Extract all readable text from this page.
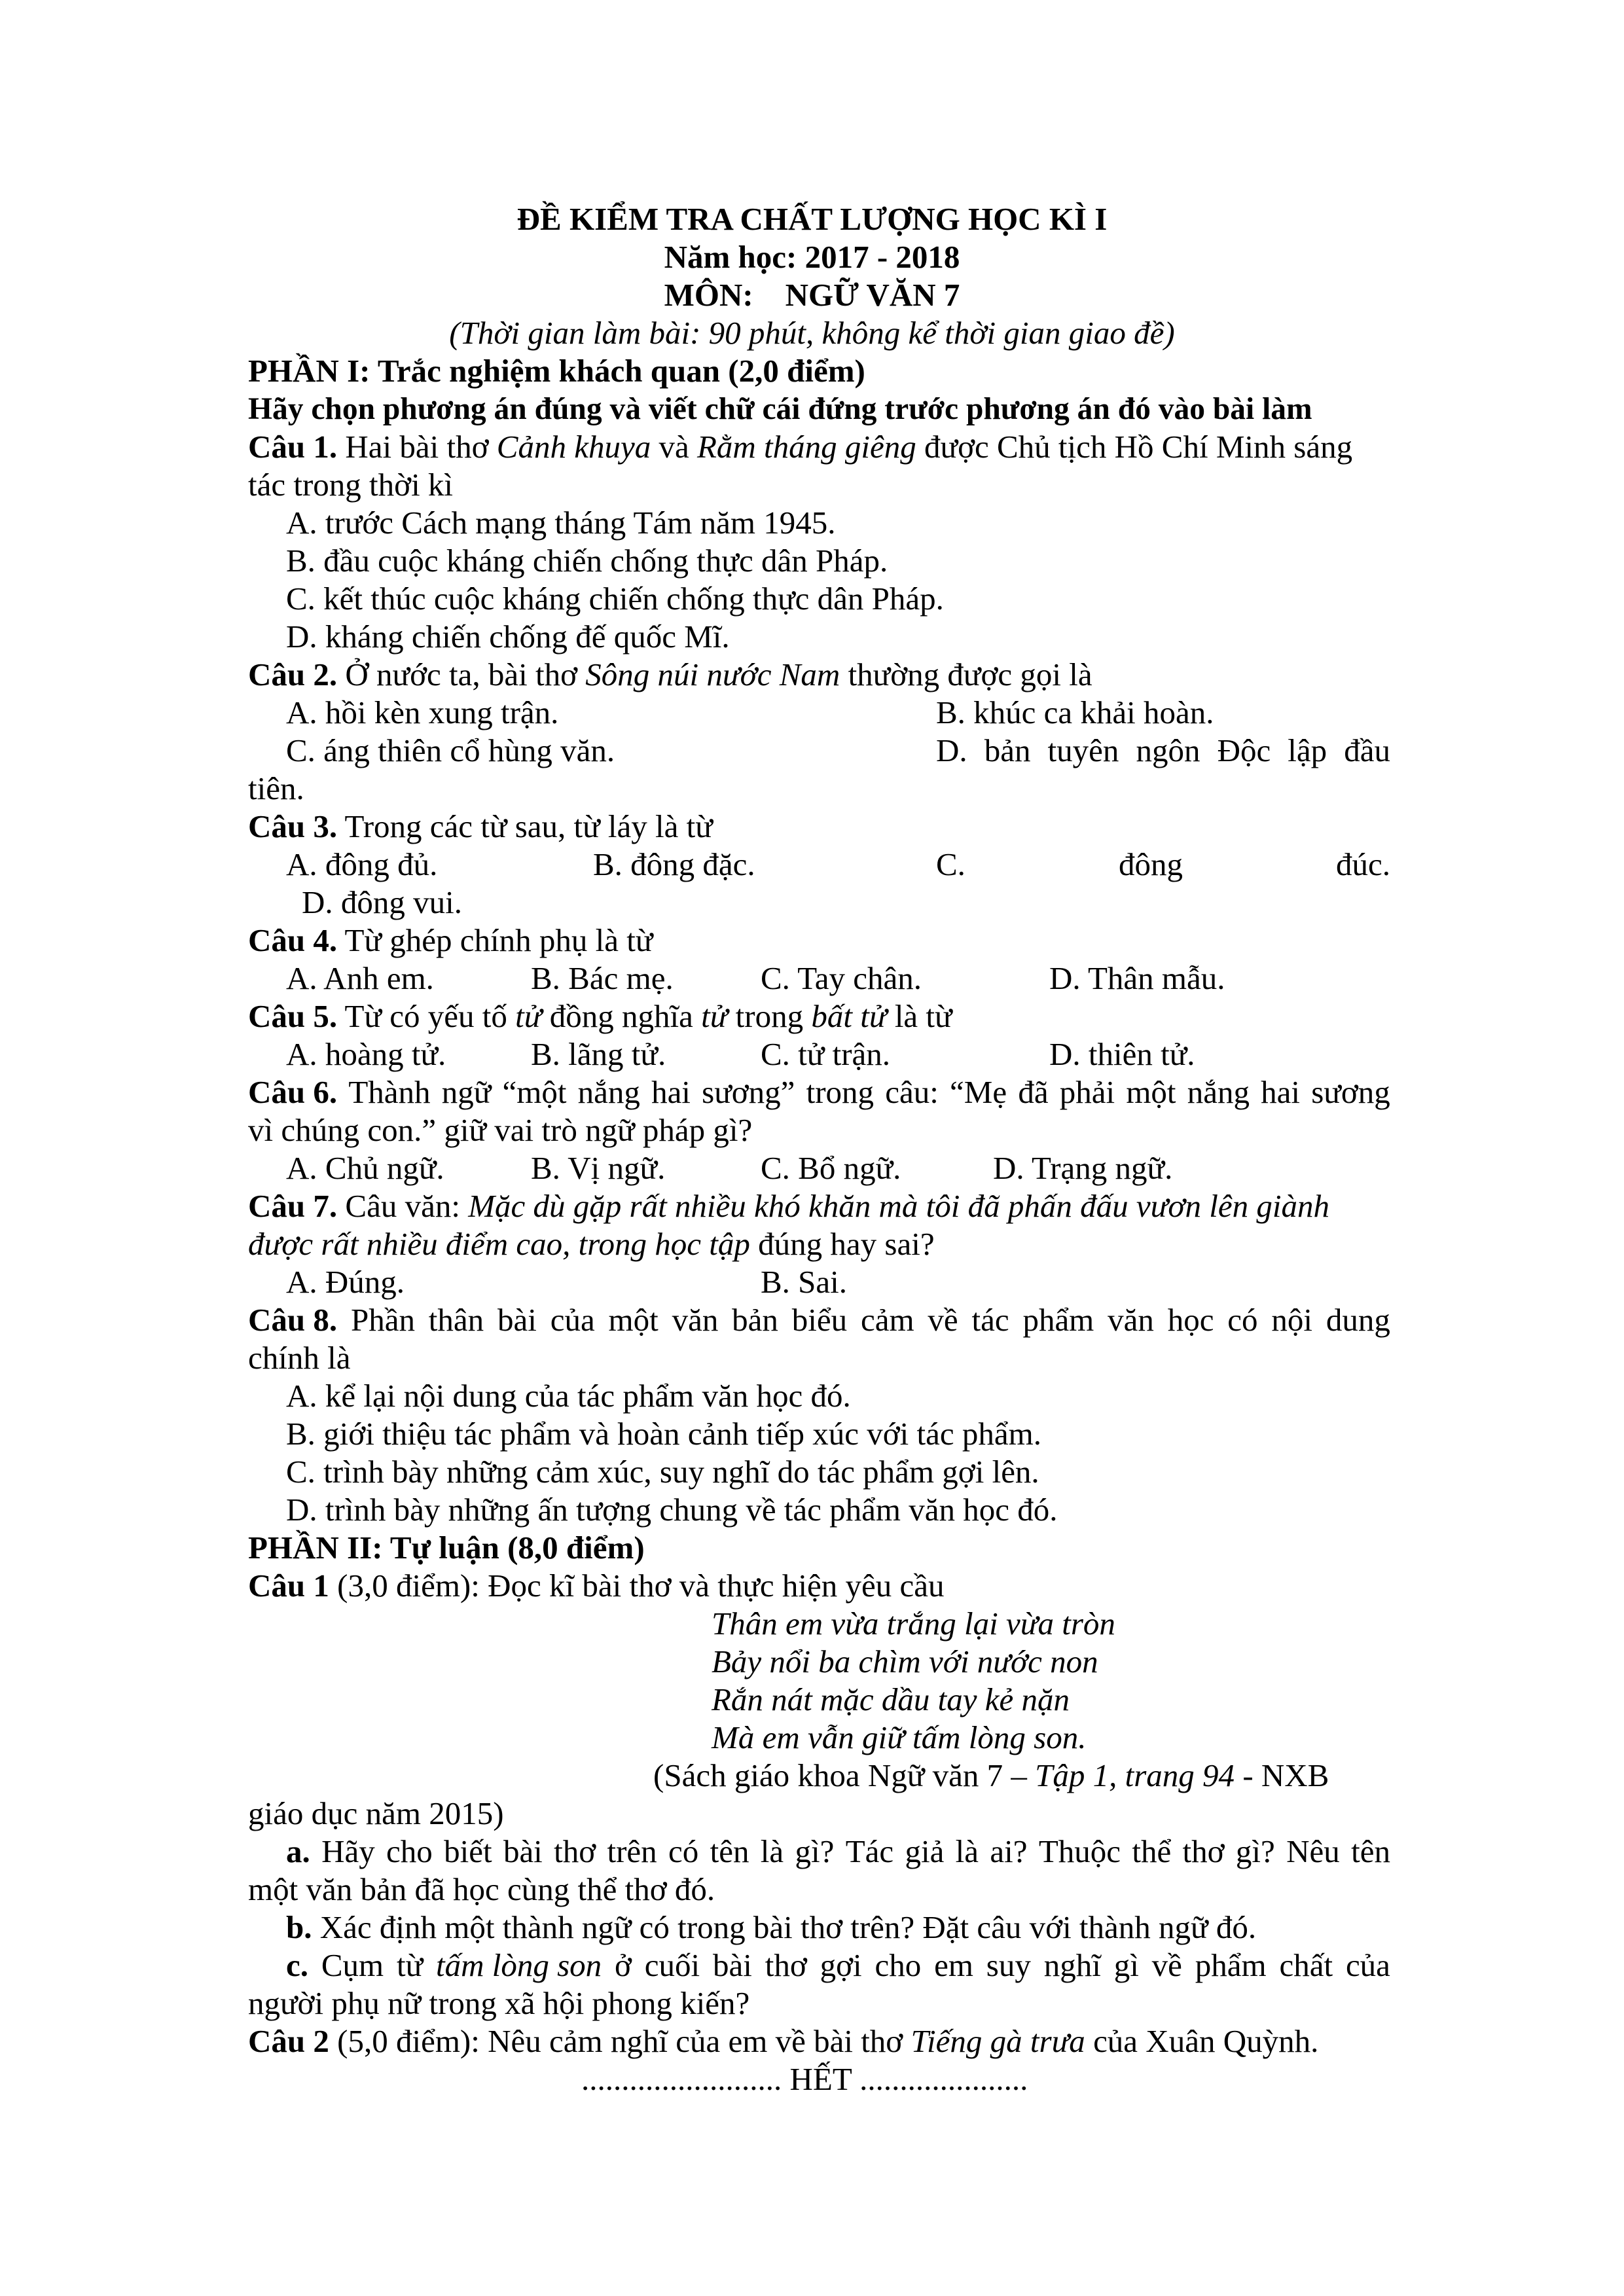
ĐỀ KIỂM TRA CHẤT LƯỢNG HỌC KÌ I
Năm học: 2017 - 2018
MÔN:    NGỮ VĂN 7
(Thời gian làm bài: 90 phút, không kể thời gian giao đề)
PHẦN I: Trắc nghiệm khách quan (2,0 điểm)
Hãy chọn phương án đúng và viết chữ cái đứng trước phương án đó vào bài làm
Câu 1. Hai bài thơ Cảnh khuya và Rằm tháng giêng được Chủ tịch Hồ Chí Minh sáng
tác trong thời kì
A. trước Cách mạng tháng Tám năm 1945.
B. đầu cuộc kháng chiến chống thực dân Pháp.
C. kết thúc cuộc kháng chiến chống thực dân Pháp.
D. kháng chiến chống đế quốc Mĩ.
Câu 2. Ở nước ta, bài thơ Sông núi nước Nam thường được gọi là
A. hồi kèn xung trận.	B. khúc ca khải hoàn.
C. áng thiên cổ hùng văn.	D. bản tuyên ngôn Độc lập đầu
tiên.
Câu 3. Trong các từ sau, từ láy là từ
A. đông đủ.	B. đông đặc.	C.	đông	đúc.
D. đông vui.
Câu 4. Từ ghép chính phụ là từ
A. Anh em.	B. Bác mẹ.	C. Tay chân.	D. Thân mẫu.
Câu 5. Từ có yếu tố tử đồng nghĩa tử trong bất tử là từ
A. hoàng tử.	B. lãng tử.	C. tử trận.	D. thiên tử.
Câu 6. Thành ngữ “một nắng hai sương” trong câu: “Mẹ đã phải một nắng hai sương
vì chúng con.” giữ vai trò ngữ pháp gì?
A. Chủ ngữ.	B. Vị ngữ.	C. Bổ ngữ.	D. Trạng ngữ.
Câu 7. Câu văn: Mặc dù gặp rất nhiều khó khăn mà tôi đã phấn đấu vươn lên giành
được rất nhiều điểm cao, trong học tập đúng hay sai?
A. Đúng.	B. Sai.
Câu 8. Phần thân bài của một văn bản biểu cảm về tác phẩm văn học có nội dung
chính là
A. kể lại nội dung của tác phẩm văn học đó.
B. giới thiệu tác phẩm và hoàn cảnh tiếp xúc với tác phẩm.
C. trình bày những cảm xúc, suy nghĩ do tác phẩm gợi lên.
D. trình bày những ấn tượng chung về tác phẩm văn học đó.
PHẦN II: Tự luận (8,0 điểm)
Câu 1 (3,0 điểm): Đọc kĩ bài thơ và thực hiện yêu cầu
Thân em vừa trắng lại vừa tròn
Bảy nổi ba chìm với nước non
Rắn nát mặc dầu tay kẻ nặn
Mà em vẫn giữ tấm lòng son.
(Sách giáo khoa Ngữ văn 7 – Tập 1, trang 94 - NXB
giáo dục năm 2015)
a. Hãy cho biết bài thơ trên có tên là gì? Tác giả là ai? Thuộc thể thơ gì? Nêu tên
một văn bản đã học cùng thể thơ đó.
b. Xác định một thành ngữ có trong bài thơ trên? Đặt câu với thành ngữ đó.
c. Cụm từ tấm lòng son ở cuối bài thơ gợi cho em suy nghĩ gì về phẩm chất của
người phụ nữ trong xã hội phong kiến?
Câu 2 (5,0 điểm): Nêu cảm nghĩ của em về bài thơ Tiếng gà trưa của Xuân Quỳnh.
......................... HẾT .....................
